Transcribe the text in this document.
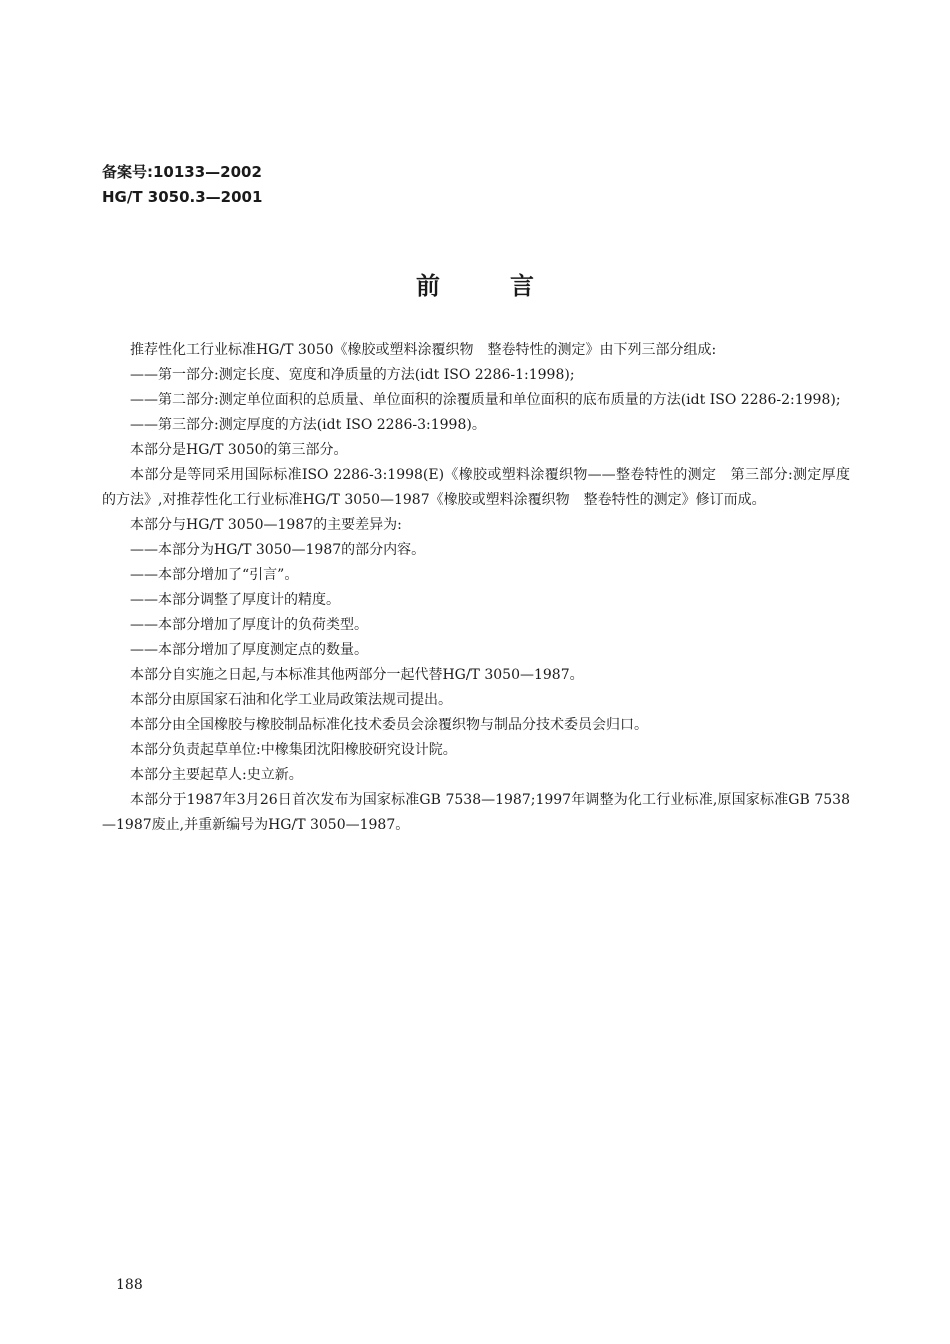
备案号:10133—2002
HG/T 3050.3—2001
前言

推荐性化工行业标准HG/T 3050《橡胶或塑料涂覆织物　整卷特性的测定》由下列三部分组成:

——第一部分:测定长度、宽度和净质量的方法(idt ISO 2286-1:1998);

——第二部分:测定单位面积的总质量、单位面积的涂覆质量和单位面积的底布质量的方法(idt ISO 2286-2:1998);

——第三部分:测定厚度的方法(idt ISO 2286-3:1998)。

本部分是HG/T 3050的第三部分。

本部分是等同采用国际标准ISO 2286-3:1998(E)《橡胶或塑料涂覆织物——整卷特性的测定　第三部分:测定厚度的方法》,对推荐性化工行业标准HG/T 3050—1987《橡胶或塑料涂覆织物　整卷特性的测定》修订而成。

本部分与HG/T 3050—1987的主要差异为:

——本部分为HG/T 3050—1987的部分内容。

——本部分增加了“引言”。

——本部分调整了厚度计的精度。

——本部分增加了厚度计的负荷类型。

——本部分增加了厚度测定点的数量。

本部分自实施之日起,与本标准其他两部分一起代替HG/T 3050—1987。

本部分由原国家石油和化学工业局政策法规司提出。

本部分由全国橡胶与橡胶制品标准化技术委员会涂覆织物与制品分技术委员会归口。

本部分负责起草单位:中橡集团沈阳橡胶研究设计院。

本部分主要起草人:史立新。

本部分于1987年3月26日首次发布为国家标准GB 7538—1987;1997年调整为化工行业标准,原国家标准GB 7538—1987废止,并重新编号为HG/T 3050—1987。

188
